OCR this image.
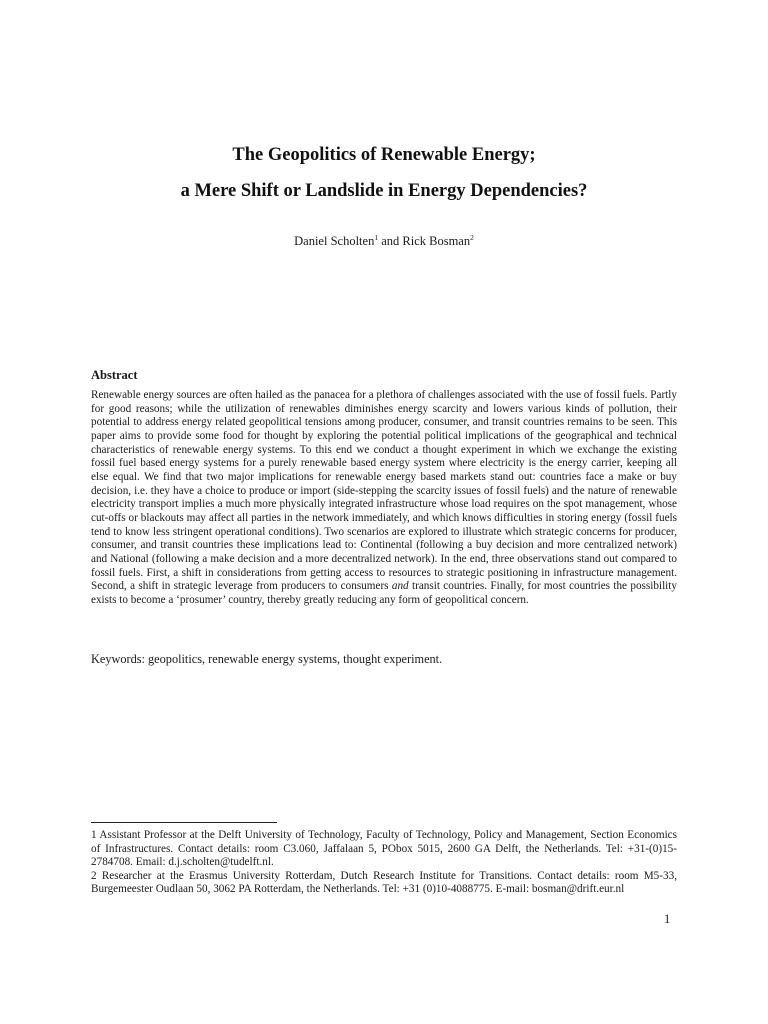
The Geopolitics of Renewable Energy;
a Mere Shift or Landslide in Energy Dependencies?
Daniel Scholten$^1$ and Rick Bosman$^2$
Abstract
Renewable energy sources are often hailed as the panacea for a plethora of challenges associated with the use of fossil fuels. Partly for good reasons; while the utilization of renewables diminishes energy scarcity and lowers various kinds of pollution, their potential to address energy related geopolitical tensions among producer, consumer, and transit countries remains to be seen. This paper aims to provide some food for thought by exploring the potential political implications of the geographical and technical characteristics of renewable energy systems. To this end we conduct a thought experiment in which we exchange the existing fossil fuel based energy systems for a purely renewable based energy system where electricity is the energy carrier, keeping all else equal. We find that two major implications for renewable energy based markets stand out: countries face a make or buy decision, i.e. they have a choice to produce or import (side-stepping the scarcity issues of fossil fuels) and the nature of renewable electricity transport implies a much more physically integrated infrastructure whose load requires on the spot management, whose cut-offs or blackouts may affect all parties in the network immediately, and which knows difficulties in storing energy (fossil fuels tend to know less stringent operational conditions). Two scenarios are explored to illustrate which strategic concerns for producer, consumer, and transit countries these implications lead to: Continental (following a buy decision and more centralized network) and National (following a make decision and a more decentralized network). In the end, three observations stand out compared to fossil fuels. First, a shift in considerations from getting access to resources to strategic positioning in infrastructure management. Second, a shift in strategic leverage from producers to consumers and transit countries. Finally, for most countries the possibility exists to become a ‘prosumer’ country, thereby greatly reducing any form of geopolitical concern.
Keywords: geopolitics, renewable energy systems, thought experiment.

1 Assistant Professor at the Delft University of Technology, Faculty of Technology, Policy and Management, Section Economics of Infrastructures. Contact details: room C3.060, Jaffalaan 5, PObox 5015, 2600 GA Delft, the Netherlands. Tel: +31-(0)15-2784708. Email: d.j.scholten@tudelft.nl.

2 Researcher at the Erasmus University Rotterdam, Dutch Research Institute for Transitions. Contact details: room M5-33, Burgemeester Oudlaan 50, 3062 PA Rotterdam, the Netherlands. Tel: +31 (0)10-4088775. E-mail: bosman@drift.eur.nl

1
